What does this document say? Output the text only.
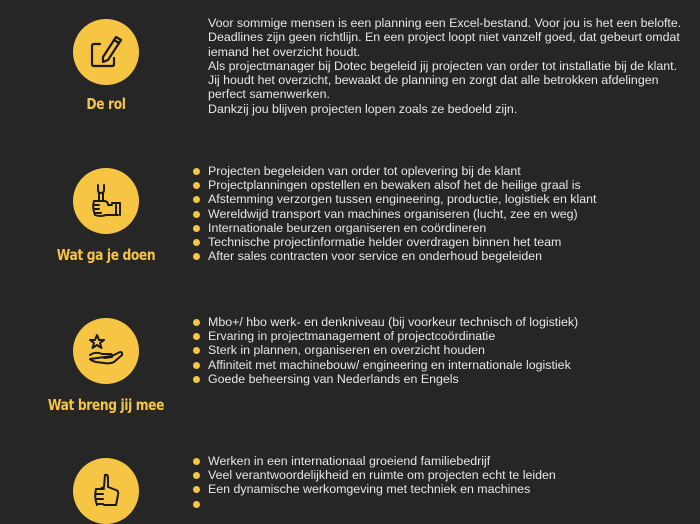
De rol

Voor sommige mensen is een planning een Excel-bestand. Voor jou is het een belofte. Deadlines zijn geen richtlijn. En een project loopt niet vanzelf goed, dat gebeurt omdat iemand het overzicht houdt.

Als projectmanager bij Dotec begeleid jij projecten van order tot installatie bij de klant. Jij houdt het overzicht, bewaakt de planning en zorgt dat alle betrokken afdelingen perfect samenwerken.

Dankzij jou blijven projecten lopen zoals ze bedoeld zijn.

Wat ga je doen
Projecten begeleiden van order tot oplevering bij de klant
Projectplanningen opstellen en bewaken alsof het de heilige graal is
Afstemming verzorgen tussen engineering, productie, logistiek en klant
Wereldwijd transport van machines organiseren (lucht, zee en weg)
Internationale beurzen organiseren en coördineren
Technische projectinformatie helder overdragen binnen het team
After sales contracten voor service en onderhoud begeleiden
Wat breng jij mee
Mbo+/ hbo werk- en denkniveau (bij voorkeur technisch of logistiek)
Ervaring in projectmanagement of projectcoördinatie
Sterk in plannen, organiseren en overzicht houden
Affiniteit met machinebouw/ engineering en internationale logistiek
Goede beheersing van Nederlands en Engels
Werken in een internationaal groeiend familiebedrijf
Veel verantwoordelijkheid en ruimte om projecten echt te leiden
Een dynamische werkomgeving met techniek en machines
